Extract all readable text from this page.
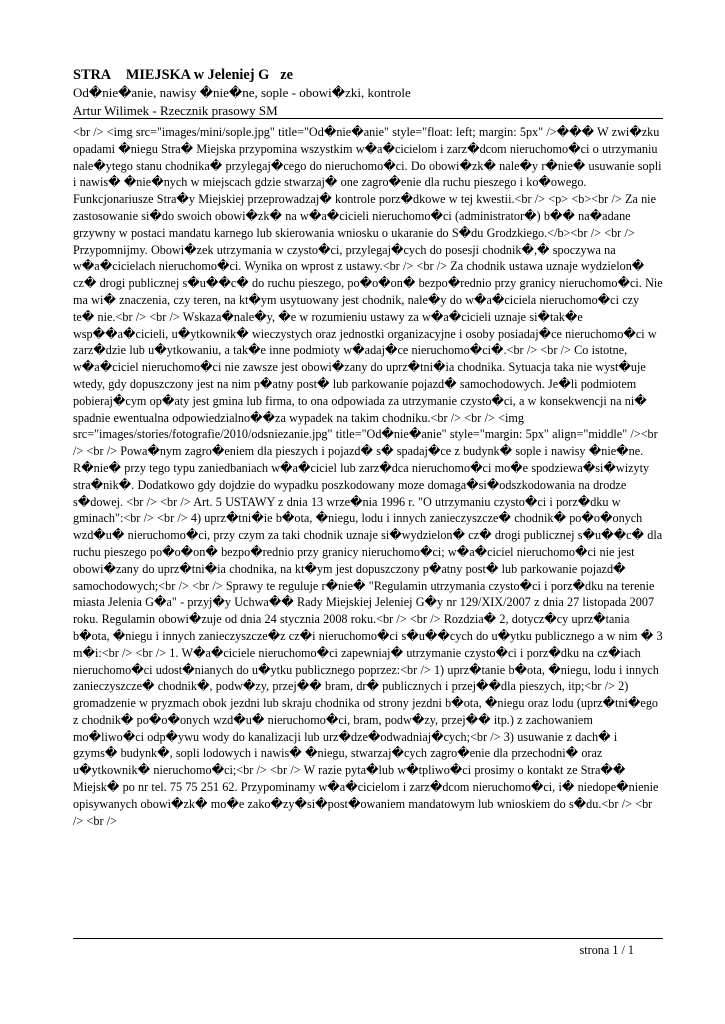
STRA  MIEJSKA w Jeleniej G ze

Od�nie�anie, nawisy �nie�ne, sople - obowi�zki, kontrole

Artur Wilimek - Rzecznik prasowy SM

<br /> <img src="images/mini/sople.jpg" title="Od�nie�anie" style="float: left; margin: 5px" />��� W zwi�zku opadami �niegu Stra� Miejska przypomina wszystkim w�a�cicielom i zarz�dcom nieruchomo�ci o utrzymaniu nale�ytego stanu chodnika� przylegaj�cego do nieruchomo�ci. Do obowi�zk� nale�y r�nie� usuwanie sopli i nawis� �nie�nych w miejscach gdzie stwarzaj� one zagro�enie dla ruchu pieszego i ko�owego. Funkcjonariusze Stra�y Miejskiej przeprowadzaj� kontrole porz�dkowe w tej kwestii.<br /> <p> <b><br /> Za nie zastosowanie si�do swoich obowi�zk� na w�a�cicieli nieruchomo�ci (administrator�) b�� na�adane grzywny w postaci mandatu karnego lub skierowania wniosku o ukaranie do S�du Grodzkiego.</b><br /> <br /> Przypomnijmy. Obowi�zek utrzymania w czysto�ci, przylegaj�cych do posesji chodnik�,� spoczywa na w�a�cicielach nieruchomo�ci. Wynika on wprost z ustawy.<br /> <br /> Za chodnik ustawa uznaje wydzielon� cz� drogi publicznej s�u��c� do ruchu pieszego, po�o�on� bezpo�rednio przy granicy nieruchomo�ci. Nie ma wi� znaczenia, czy teren, na kt�ym usytuowany jest chodnik, nale�y do w�a�ciciela nieruchomo�ci czy te� nie.<br /> <br /> Wskaza�nale�y, �e w rozumieniu ustawy za w�a�cicieli uznaje si�tak�e wsp��a�cicieli, u�ytkownik� wieczystych oraz jednostki organizacyjne i osoby posiadaj�ce nieruchomo�ci w zarz�dzie lub u�ytkowaniu, a tak�e inne podmioty w�adaj�ce nieruchomo�ci�.<br /> <br /> Co istotne, w�a�ciciel nieruchomo�ci nie zawsze jest obowi�zany do uprz�tni�ia chodnika. Sytuacja taka nie wyst�uje wtedy, gdy dopuszczony jest na nim p�atny post� lub parkowanie pojazd� samochodowych. Je�li podmiotem pobieraj�cym op�aty jest gmina lub firma, to ona odpowiada za utrzymanie czysto�ci, a w konsekwencji na ni� spadnie ewentualna odpowiedzialno��za wypadek na takim chodniku.<br /> <br /> <img src="images/stories/fotografie/2010/odsniezanie.jpg" title="Od�nie�anie" style="margin: 5px" align="middle" /><br /> <br /> Powa�nym zagro�eniem dla pieszych i pojazd� s� spadaj�ce z budynk� sople i nawisy �nie�ne. R�nie� przy tego typu zaniedbaniach w�a�ciciel lub zarz�dca nieruchomo�ci mo�e spodziewa�si�wizyty stra�nik�. Dodatkowo gdy dojdzie do wypadku poszkodowany moze domaga�si�odszkodowania na drodze s�dowej. <br /> <br /> Art. 5 USTAWY z dnia 13 wrze�nia 1996 r. "O utrzymaniu czysto�ci i porz�dku w gminach":<br /> <br /> 4) uprz�tni�ie b�ota, �niegu, lodu i innych zanieczyszcze� chodnik� po�o�onych wzd�u� nieruchomo�ci, przy czym za taki chodnik uznaje si�wydzielon� cz� drogi publicznej s�u��c� dla ruchu pieszego po�o�on� bezpo�rednio przy granicy nieruchomo�ci; w�a�ciciel nieruchomo�ci nie jest obowi�zany do uprz�tni�ia chodnika, na kt�ym jest dopuszczony p�atny post� lub parkowanie pojazd� samochodowych;<br /> <br /> Sprawy te reguluje r�nie� "Regulamin utrzymania czysto�ci i porz�dku na terenie miasta Jelenia G�a" - przyj�y Uchwa�� Rady Miejskiej Jeleniej G�y nr 129/XIX/2007 z dnia 27 listopada 2007 roku. Regulamin obowi�zuje od dnia 24 stycznia 2008 roku.<br /> <br /> Rozdzia� 2, dotycz�cy uprz�tania b�ota, �niegu i innych zanieczyszcze�z cz�i nieruchomo�ci s�u��cych do u�ytku publicznego a w nim � 3 m�i:<br /> <br /> 1. W�a�ciciele nieruchomo�ci zapewniaj� utrzymanie czysto�ci i porz�dku na cz�iach nieruchomo�ci udost�nianych do u�ytku publicznego poprzez:<br /> 1) uprz�tanie b�ota, �niegu, lodu i innych zanieczyszcze� chodnik�, podw�zy, przej�� bram, dr� publicznych i przej��dla pieszych, itp;<br /> 2) gromadzenie w pryzmach obok jezdni lub skraju chodnika od strony jezdni b�ota, �niegu oraz lodu (uprz�tni�ego z chodnik� po�o�onych wzd�u� nieruchomo�ci, bram, podw�zy, przej�� itp.) z zachowaniem mo�liwo�ci odp�ywu wody do kanalizacji lub urz�dze�odwadniaj�cych;<br /> 3) usuwanie z dach� i gzyms� budynk�, sopli lodowych i nawis� �niegu, stwarzaj�cych zagro�enie dla przechodni� oraz u�ytkownik� nieruchomo�ci;<br /> <br /> W razie pyta�lub w�tpliwo�ci prosimy o kontakt ze Stra�� Miejsk� po nr tel. 75 75 251 62. Przypominamy w�a�cicielom i zarz�dcom nieruchomo�ci, i� niedope�nienie opisywanych obowi�zk� mo�e zako�zy�si�post�owaniem mandatowym lub wnioskiem do s�du.<br /> <br /> <br />

strona 1 / 1
